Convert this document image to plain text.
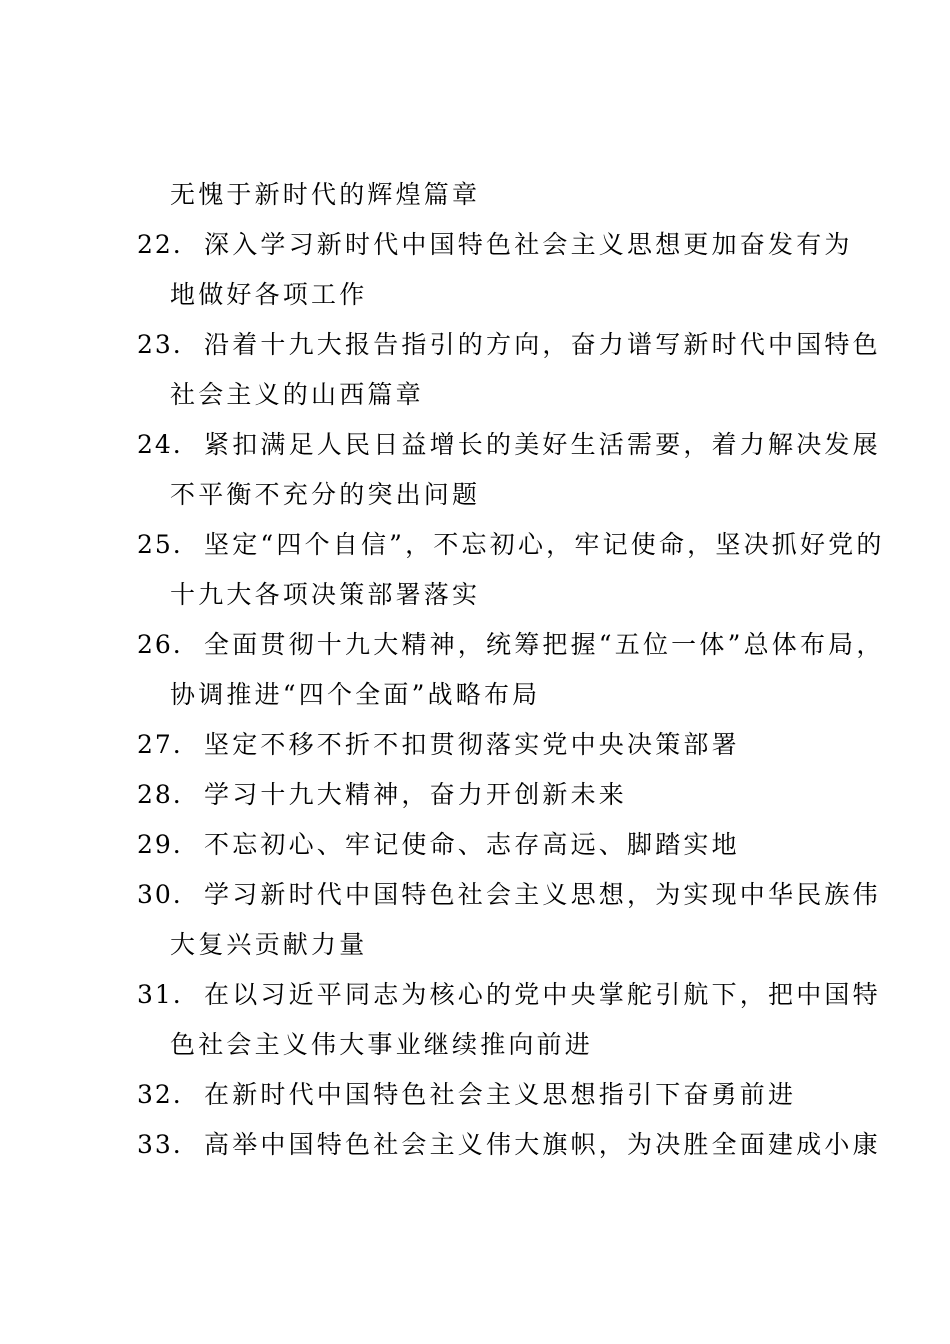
无愧于新时代的辉煌篇章
22. 深入学习新时代中国特色社会主义思想更加奋发有为
地做好各项工作
23. 沿着十九大报告指引的方向，奋力谱写新时代中国特色
社会主义的山西篇章
24. 紧扣满足人民日益增长的美好生活需要，着力解决发展
不平衡不充分的突出问题
25. 坚定“四个自信”，不忘初心，牢记使命，坚决抓好党的
十九大各项决策部署落实
26. 全面贯彻十九大精神，统筹把握“五位一体”总体布局，
协调推进“四个全面”战略布局
27. 坚定不移不折不扣贯彻落实党中央决策部署
28. 学习十九大精神，奋力开创新未来
29. 不忘初心、牢记使命、志存高远、脚踏实地
30. 学习新时代中国特色社会主义思想，为实现中华民族伟
大复兴贡献力量
31. 在以习近平同志为核心的党中央掌舵引航下，把中国特
色社会主义伟大事业继续推向前进
32. 在新时代中国特色社会主义思想指引下奋勇前进
33. 高举中国特色社会主义伟大旗帜，为决胜全面建成小康
